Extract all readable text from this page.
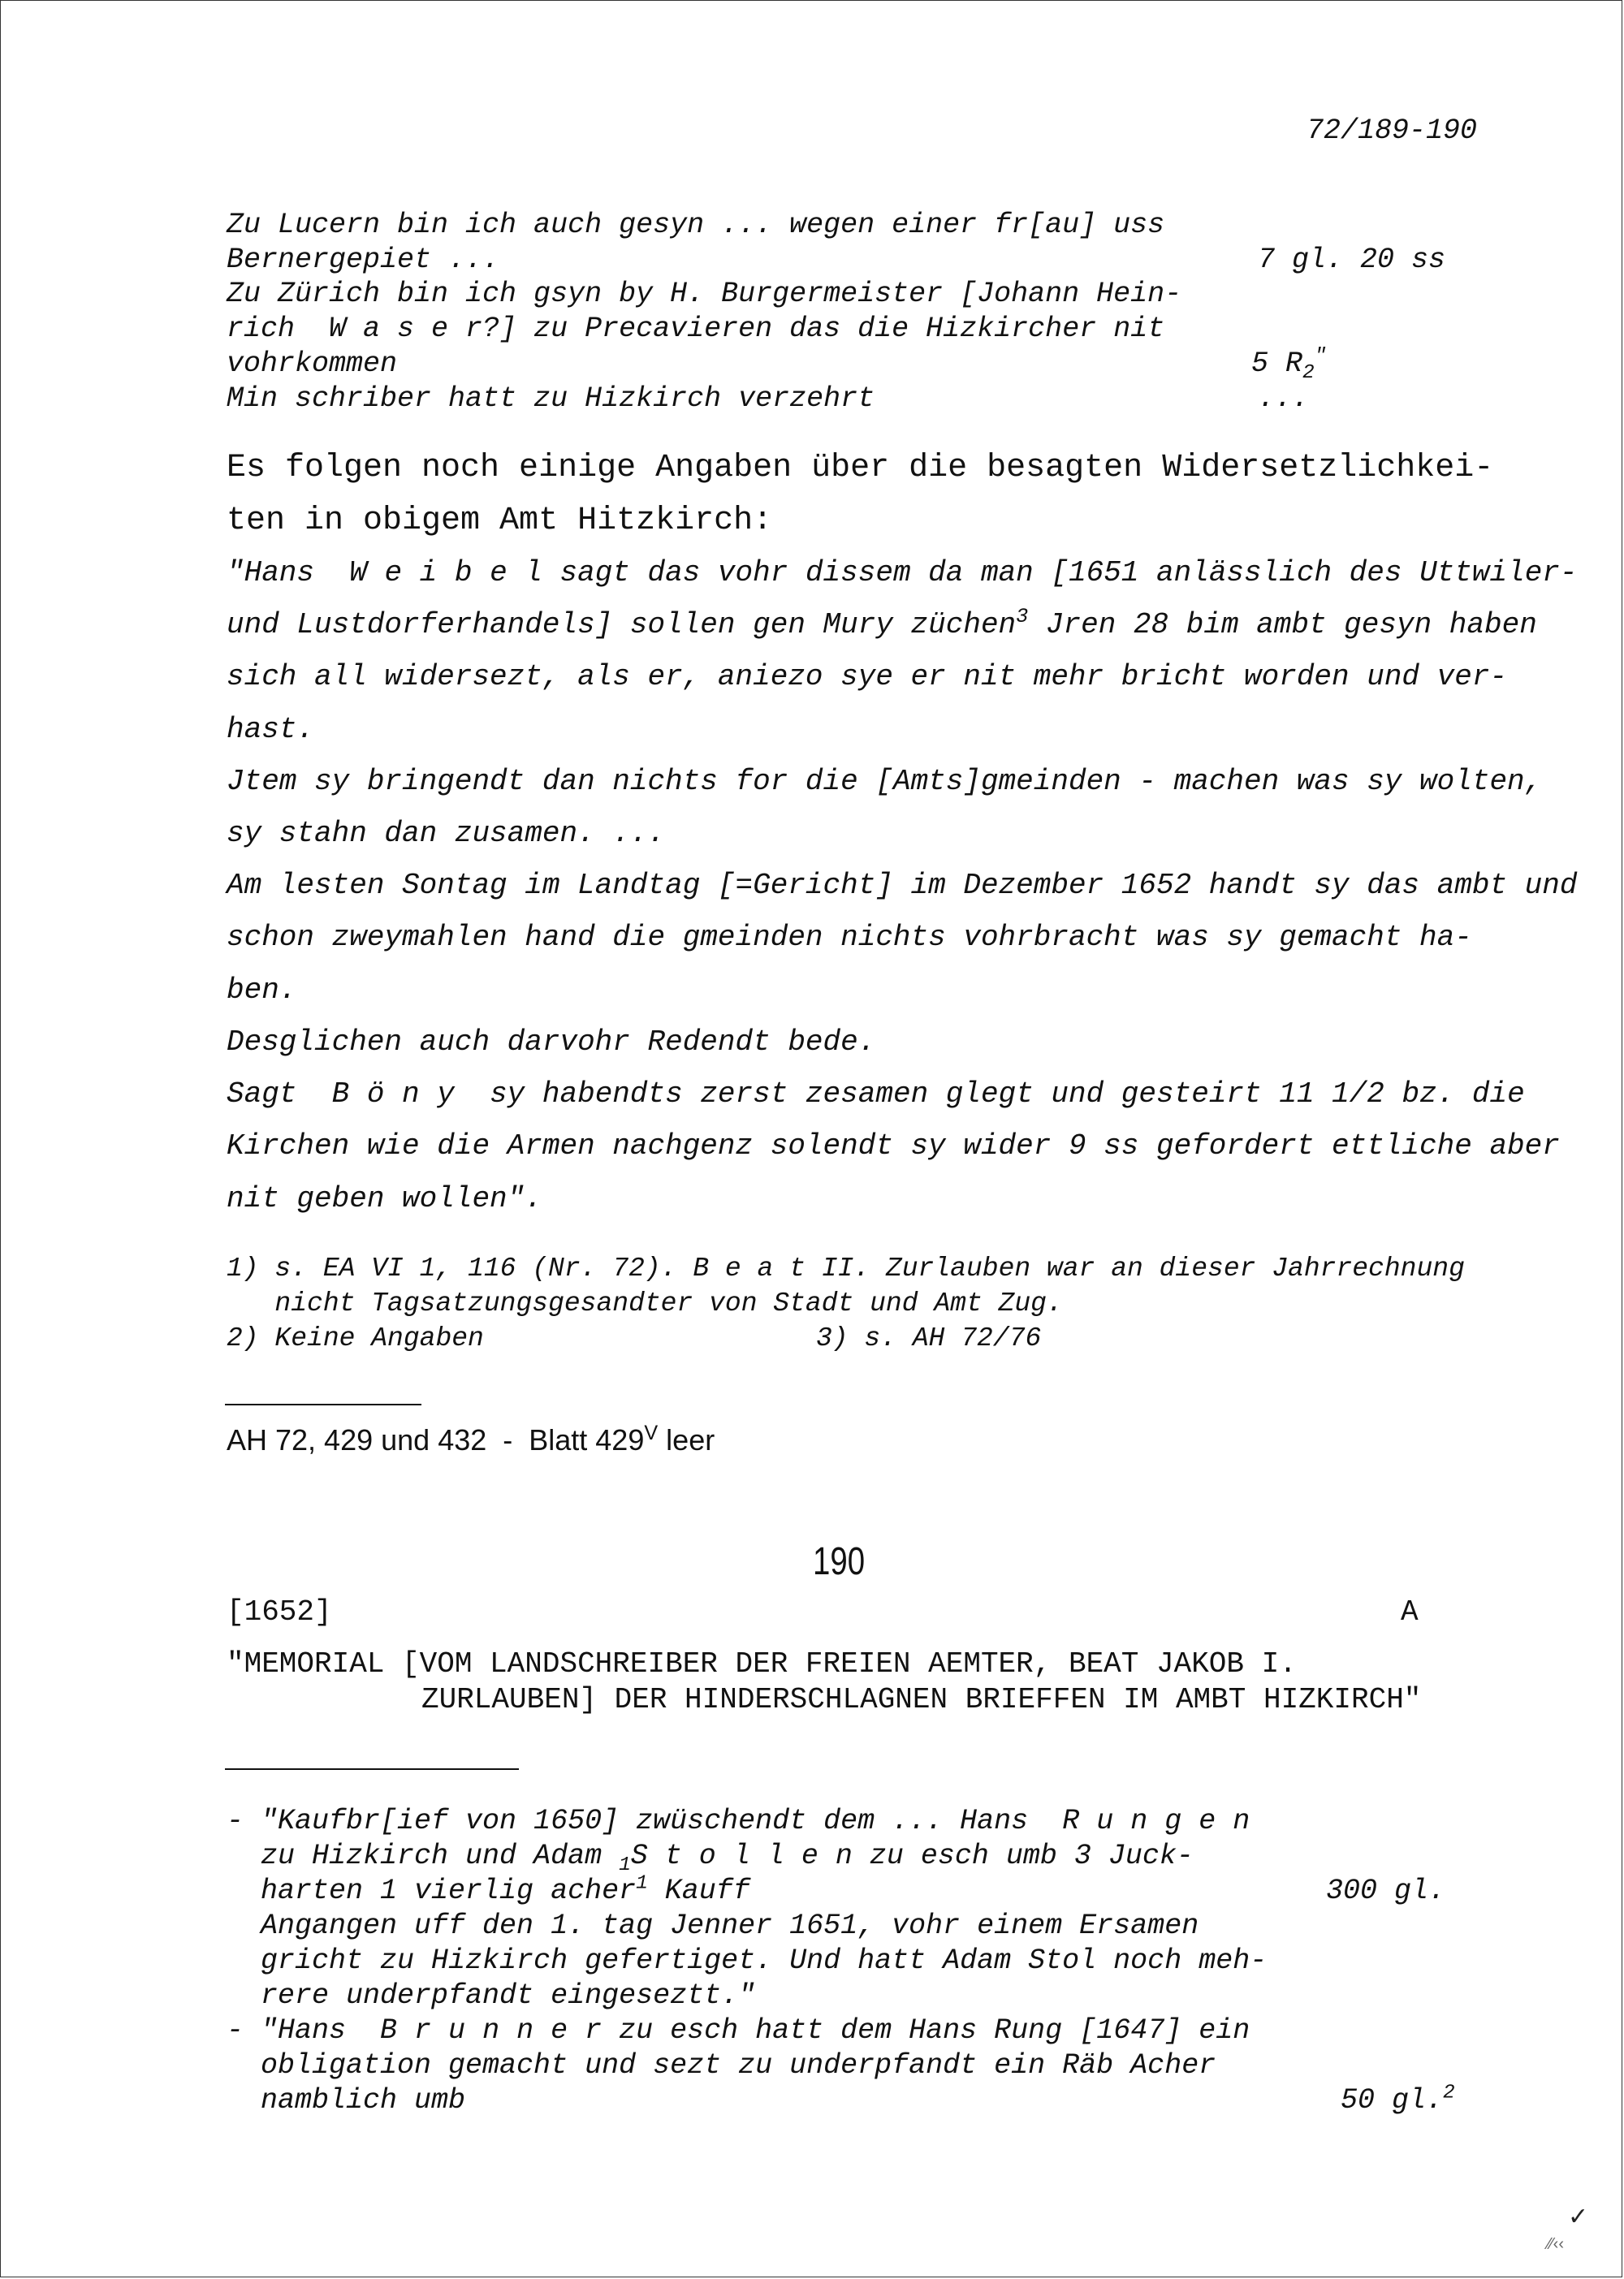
72/189-190
Zu Lucern bin ich auch gesyn ... wegen einer fr[au] uss
Bernergepiet ...	7 gl. 20 ss
Zu Zürich bin ich gsyn by H. Burgermeister [Johann Hein-
rich W a s e r?] zu Precavieren das die Hizkircher nit
vohrkommen	5 $R_2^"$
Min schriber hatt zu Hizkirch verzehrt	...
Es folgen noch einige Angaben über die besagten Widersetzlichkei-
ten in obigem Amt Hitzkirch:
"Hans W e i b e l sagt das vohr dissem da man [1651 anlässlich des Uttwiler-
und Lustdorferhandels] sollen gen Mury züchen$^3$ Jren 28 bim ambt gesyn haben
sich all widersezt, als er, aniezo sye er nit mehr bricht worden und ver-
hast.
Jtem sy bringendt dan nichts for die [Amts]gmeinden - machen was sy wolten,
sy stahn dan zusamen. ...
Am lesten Sontag im Landtag [=Gericht] im Dezember 1652 handt sy das ambt und
schon zweymahlen hand die gmeinden nichts vohrbracht was sy gemacht ha-
ben.
Desglichen auch darvohr Redendt bede.
Sagt B ö n y  sy habendts zerst zesamen glegt und gesteirt 11 1/2 bz. die
Kirchen wie die Armen nachgenz solendt sy wider 9 ss gefordert ettliche aber
nit geben wollen".
1) s. EA VI 1, 116 (Nr. 72). B e a t II. Zurlauben war an dieser Jahrrechnung
nicht Tagsatzungsgesandter von Stadt und Amt Zug.
2) Keine Angaben	3) s. AH 72/76
AH 72, 429 und 432  -  Blatt $429^V$ leer
190
[1652]	A
"MEMORIAL [VOM LANDSCHREIBER DER FREIEN AEMTER, BEAT JAKOB I.
ZURLAUBEN] DER HINDERSCHLAGNEN BRIEFFEN IM AMBT HIZKIRCH"
- "Kaufbr[ief von 1650] zwüschendt dem ... Hans R u n g e n
zu Hizkirch und Adam $_1$S t o l l e n zu esch umb 3 Juck-
harten 1 vierlig acher$^1$ Kauff	300 gl.
Angangen uff den 1. tag Jenner 1651, vohr einem Ersamen
gricht zu Hizkirch gefertiget. Und hatt Adam Stol noch meh-
rere underpfandt eingeseztt."
- "Hans B r u n n e r zu esch hatt dem Hans Rung [1647] ein
obligation gemacht und sezt zu underpfandt ein Räb Acher
namblich umb	50 gl.$^2$
✓
⁄⁄‹‹
